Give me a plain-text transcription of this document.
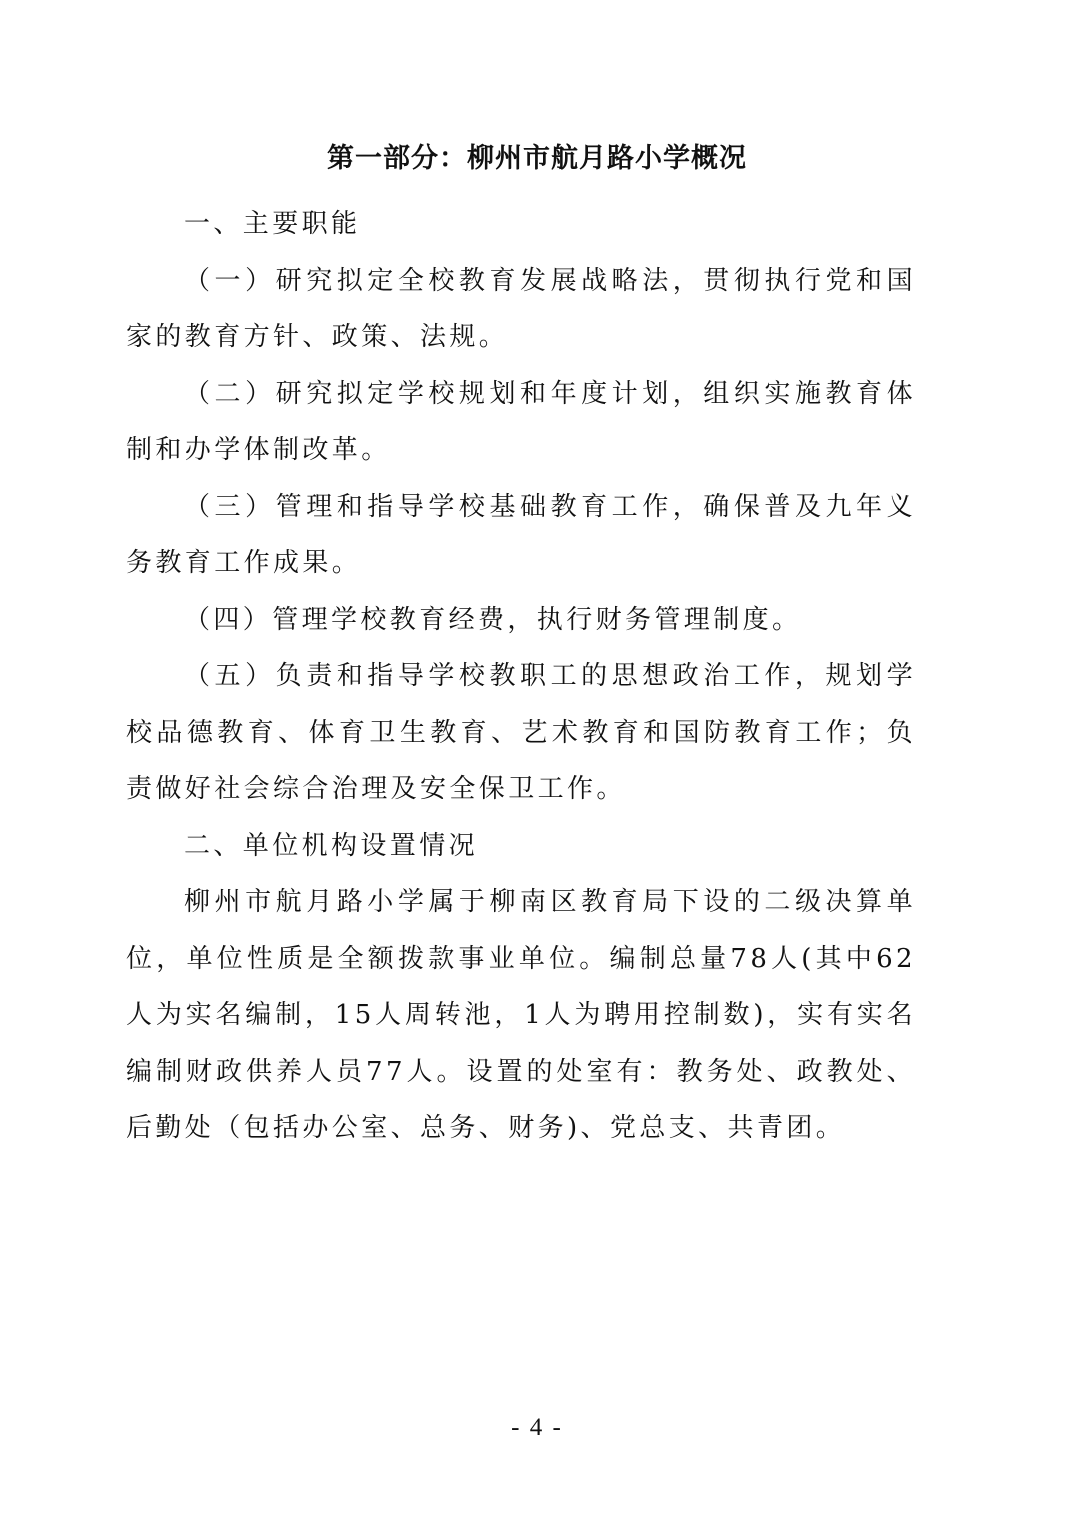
第一部分：柳州市航月路小学概况

一、主要职能

（一）研究拟定全校教育发展战略法，贯彻执行党和国家的教育方针、政策、法规。

（二）研究拟定学校规划和年度计划，组织实施教育体制和办学体制改革。

（三）管理和指导学校基础教育工作，确保普及九年义务教育工作成果。

（四）管理学校教育经费，执行财务管理制度。

（五）负责和指导学校教职工的思想政治工作，规划学校品德教育、体育卫生教育、艺术教育和国防教育工作；负责做好社会综合治理及安全保卫工作。

二、单位机构设置情况

柳州市航月路小学属于柳南区教育局下设的二级决算单位，单位性质是全额拨款事业单位。编制总量78人(其中62人为实名编制，15人周转池，1人为聘用控制数)，实有实名编制财政供养人员77人。设置的处室有：教务处、政教处、后勤处（包括办公室、总务、财务)、党总支、共青团。

- 4 -
